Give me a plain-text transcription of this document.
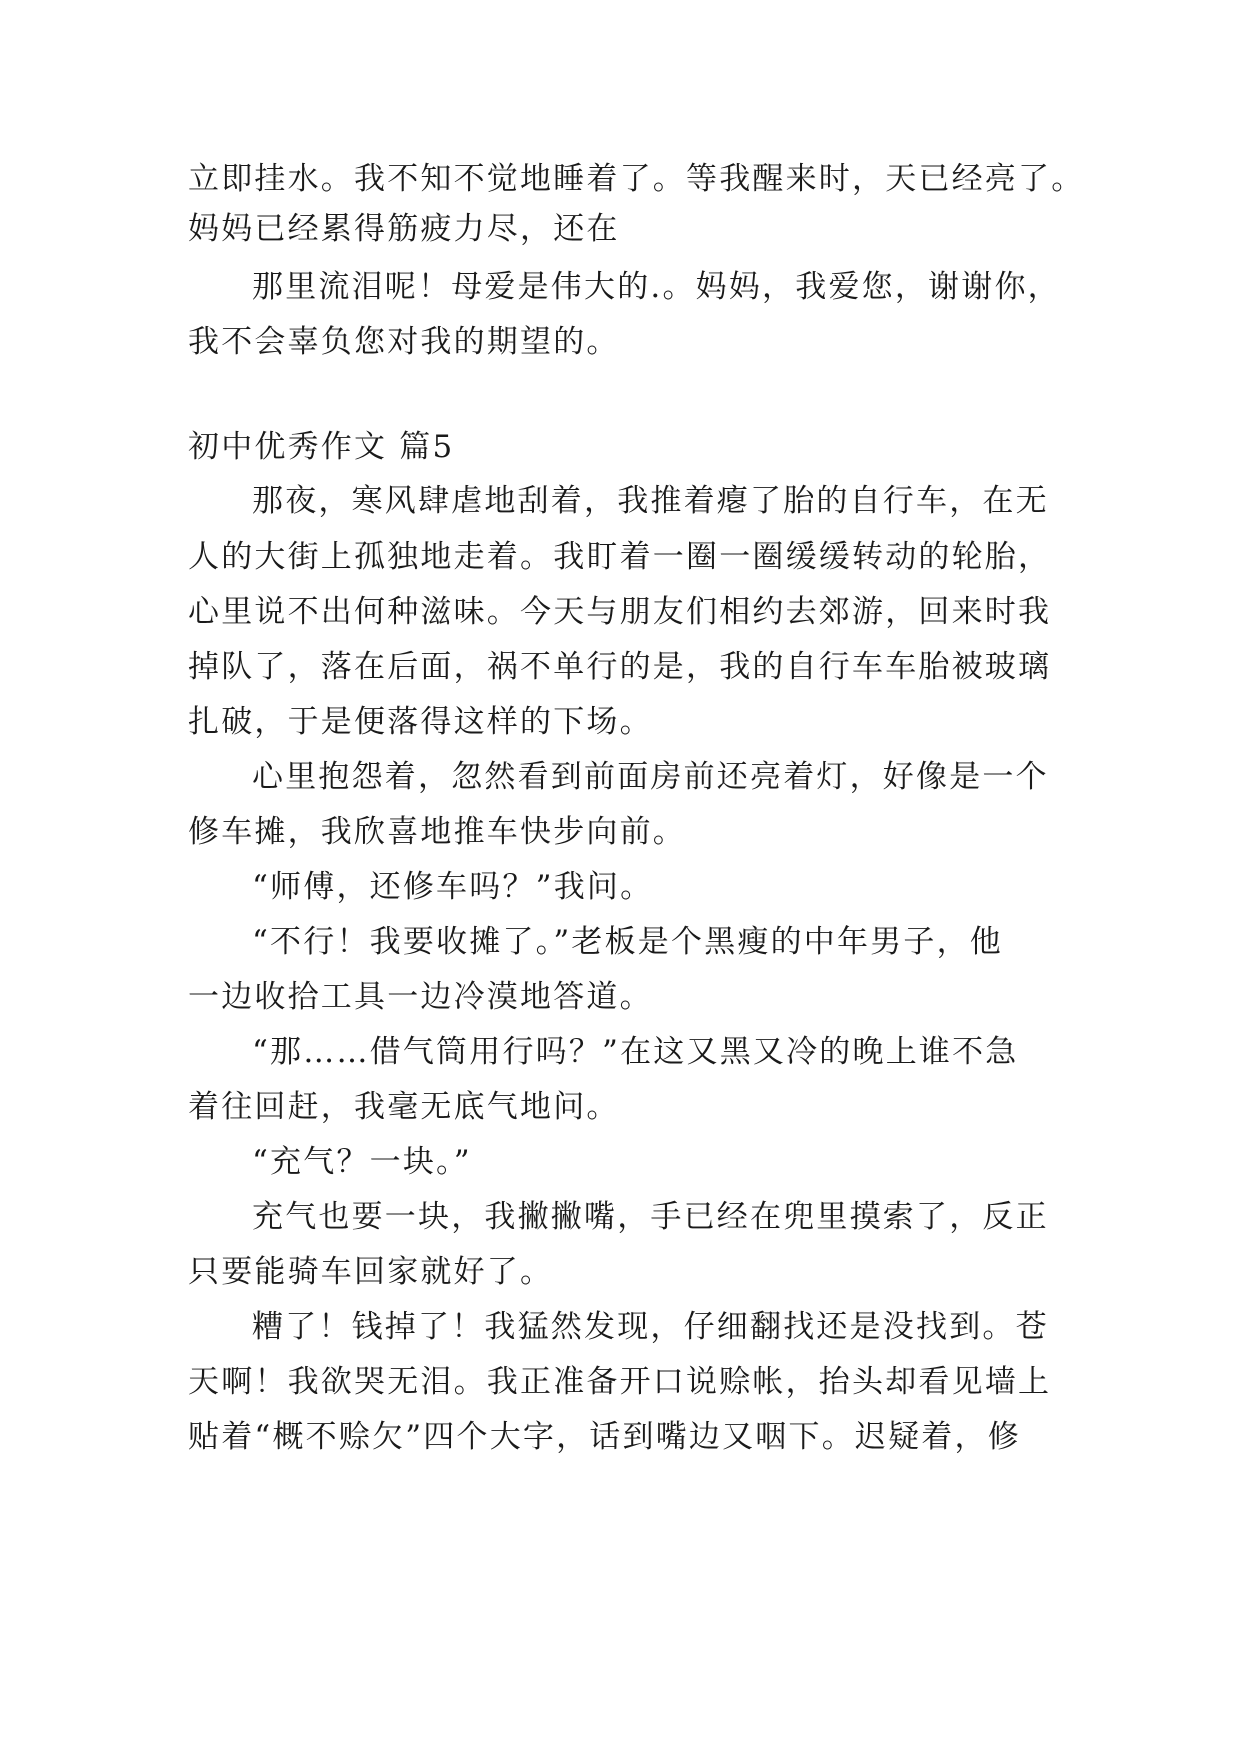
立即挂水。我不知不觉地睡着了。等我醒来时，天已经亮了。
妈妈已经累得筋疲力尽，还在
那里流泪呢！母爱是伟大的.。妈妈，我爱您，谢谢你，
我不会辜负您对我的期望的。
初中优秀作文 篇5
那夜，寒风肆虐地刮着，我推着瘪了胎的自行车，在无
人的大街上孤独地走着。我盯着一圈一圈缓缓转动的轮胎，
心里说不出何种滋味。今天与朋友们相约去郊游，回来时我
掉队了，落在后面，祸不单行的是，我的自行车车胎被玻璃
扎破，于是便落得这样的下场。
心里抱怨着，忽然看到前面房前还亮着灯，好像是一个
修车摊，我欣喜地推车快步向前。
“师傅，还修车吗？”我问。
“不行！我要收摊了。”老板是个黑瘦的中年男子，他
一边收拾工具一边冷漠地答道。
“那……借气筒用行吗？”在这又黑又冷的晚上谁不急
着往回赶，我毫无底气地问。
“充气？一块。”
充气也要一块，我撇撇嘴，手已经在兜里摸索了，反正
只要能骑车回家就好了。
糟了！钱掉了！我猛然发现，仔细翻找还是没找到。苍
天啊！我欲哭无泪。我正准备开口说赊帐，抬头却看见墙上
贴着“概不赊欠”四个大字，话到嘴边又咽下。迟疑着，修
